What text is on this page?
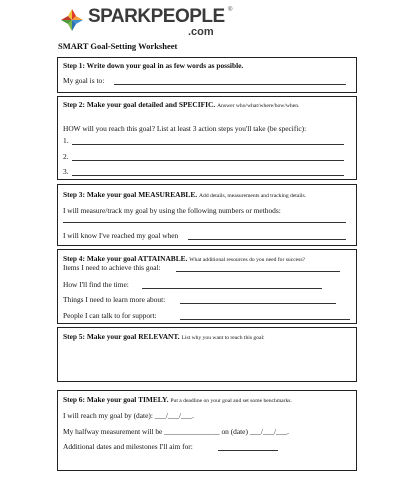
SPARKPEOPLE ®
.com
SMART Goal-Setting Worksheet
Step 1: Write down your goal in as few words as possible.
My goal is to:
Step 2: Make your goal detailed and SPECIFIC. Answer who/what/where/how/when.
HOW will you reach this goal? List at least 3 action steps you'll take (be specific):
1.
2.
3.
Step 3: Make your goal MEASUREABLE. Add details, measurements and tracking details.
I will measure/track my goal by using the following numbers or methods:
I will know I've reached my goal when
Step 4: Make your goal ATTAINABLE. What additional resources do you need for success?
Items I need to achieve this goal:
How I'll find the time:
Things I need to learn more about:
People I can talk to for support:
Step 5: Make your goal RELEVANT. List why you want to reach this goal:
Step 6: Make your goal TIMELY. Put a deadline on your goal and set some benchmarks.
I will reach my goal by (date): ___/___/___.
My halfway measurement will be _______________ on (date) ___/___/___.
Additional dates and milestones I'll aim for:
